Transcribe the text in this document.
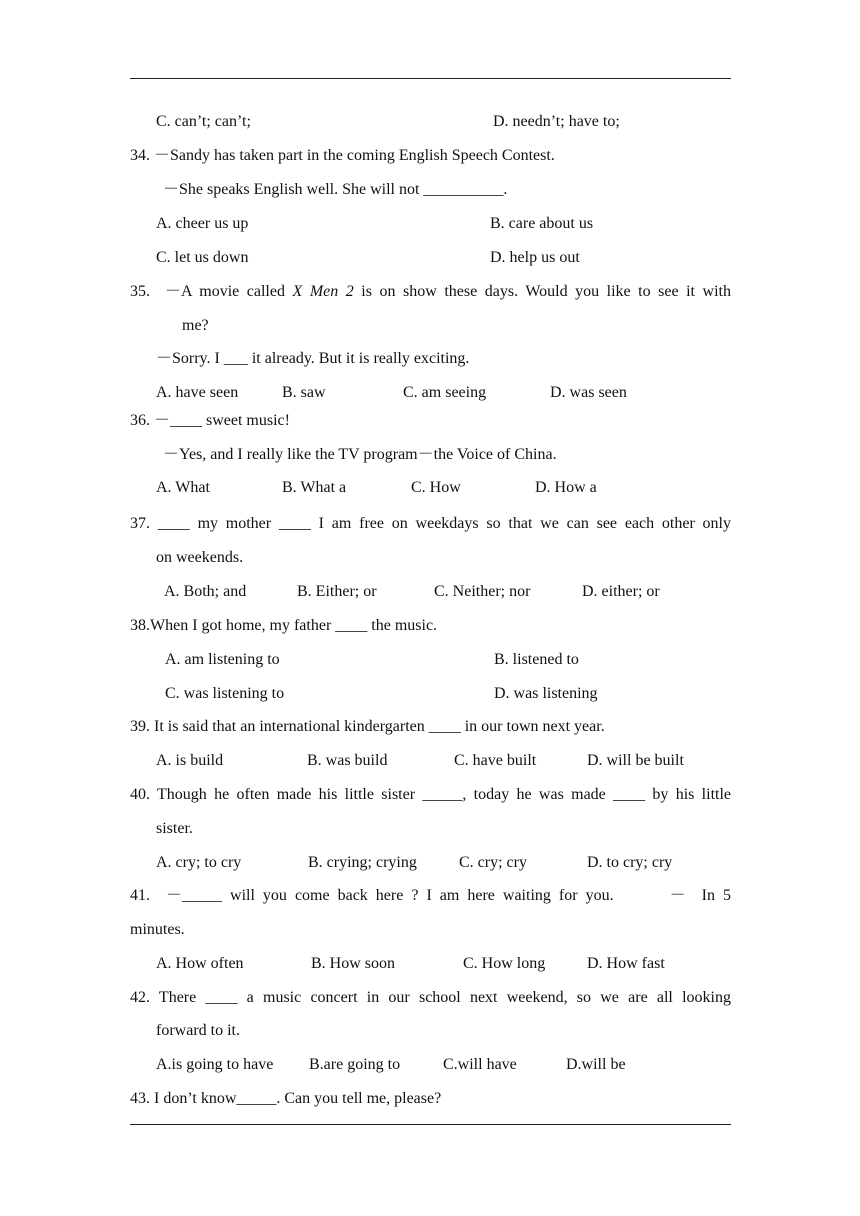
C. can’t; can’t;	D. needn’t; have to;
34. －Sandy has taken part in the coming English Speech Contest.
－She speaks English well. She will not __________.
A. cheer us up	B. care about us
C. let us down	D. help us out
35.  －A movie called X Men 2 is on show these days. Would you like to see it with
me?
－Sorry. I ___ it already. But it is really exciting.
A. have seen	B. saw	C. am seeing	D. was seen
36. －____ sweet music!
－Yes, and I really like the TV program－the Voice of China.
A. What	B. What a	C. How	D. How a
37. ____ my mother ____ I am free on weekdays so that we can see each other only
on weekends.
A. Both; and	B. Either; or	C. Neither; nor	D. either; or
38.When I got home, my father ____ the music.
A. am listening to	B. listened to
C. was listening to	D. was listening
39. It is said that an international kindergarten ____ in our town next year.
A. is build	B. was build	C. have built	D. will be built
40. Though he often made his little sister _____, today he was made ____ by his little
sister.
A. cry; to cry	B. crying; crying	C. cry; cry	D. to cry; cry
41.  －_____ will you come back here ? I am here waiting for you.       －  In 5
minutes.
A. How often	B. How soon	C. How long	D. How fast
42. There ____ a music concert in our school next weekend, so we are all looking
forward to it.
A.is going to have B.are going to	C.will have	D.will be
43. I don’t know_____. Can you tell me, please?
